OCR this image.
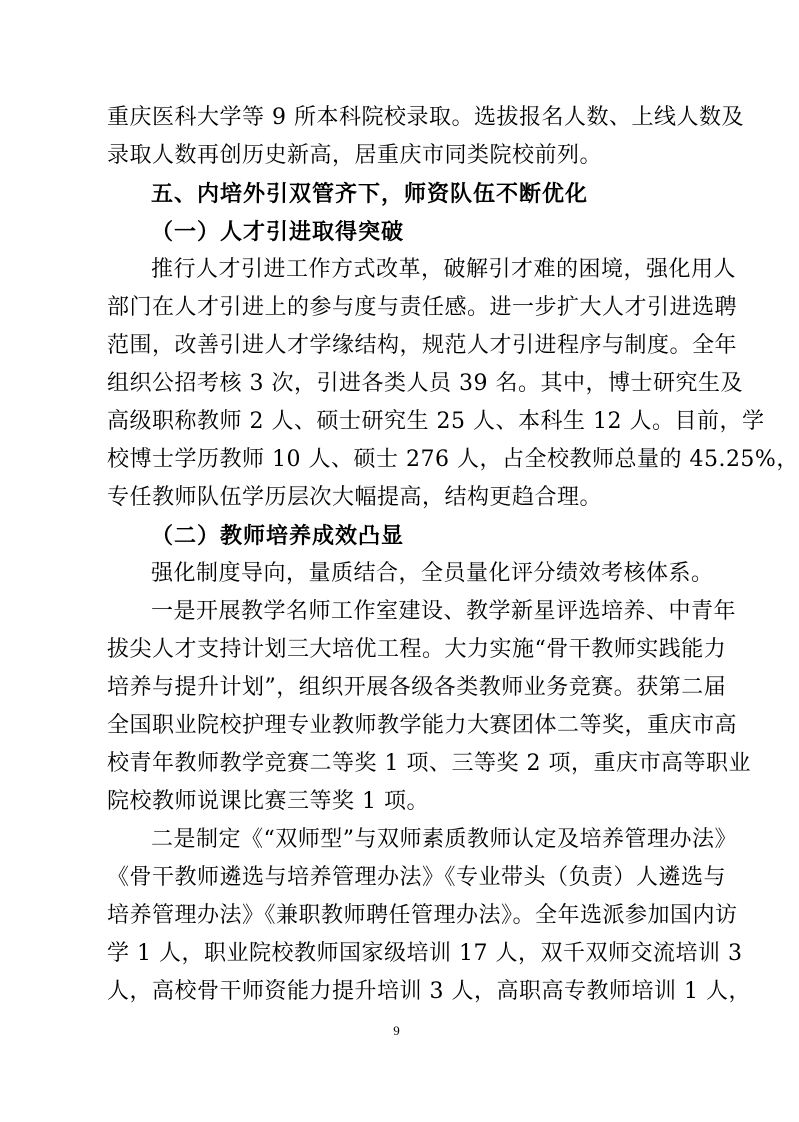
重庆医科大学等 9 所本科院校录取。选拔报名人数、上线人数及
录取人数再创历史新高，居重庆市同类院校前列。
五、内培外引双管齐下，师资队伍不断优化
（一）人才引进取得突破
推行人才引进工作方式改革，破解引才难的困境，强化用人
部门在人才引进上的参与度与责任感。进一步扩大人才引进选聘
范围，改善引进人才学缘结构，规范人才引进程序与制度。全年
组织公招考核 3 次，引进各类人员 39 名。其中，博士研究生及
高级职称教师 2 人、硕士研究生 25 人、本科生 12 人。目前，学
校博士学历教师 10 人、硕士 276 人，占全校教师总量的 45.25%，
专任教师队伍学历层次大幅提高，结构更趋合理。
（二）教师培养成效凸显
强化制度导向，量质结合，全员量化评分绩效考核体系。
一是开展教学名师工作室建设、教学新星评选培养、中青年
拔尖人才支持计划三大培优工程。大力实施“骨干教师实践能力
培养与提升计划”，组织开展各级各类教师业务竞赛。获第二届
全国职业院校护理专业教师教学能力大赛团体二等奖，重庆市高
校青年教师教学竞赛二等奖 1 项、三等奖 2 项，重庆市高等职业
院校教师说课比赛三等奖 1 项。
二是制定《“双师型”与双师素质教师认定及培养管理办法》
《骨干教师遴选与培养管理办法》《专业带头（负责）人遴选与
培养管理办法》《兼职教师聘任管理办法》。全年选派参加国内访
学 1 人，职业院校教师国家级培训 17 人，双千双师交流培训 3
人，高校骨干师资能力提升培训 3 人，高职高专教师培训 1 人，
9
